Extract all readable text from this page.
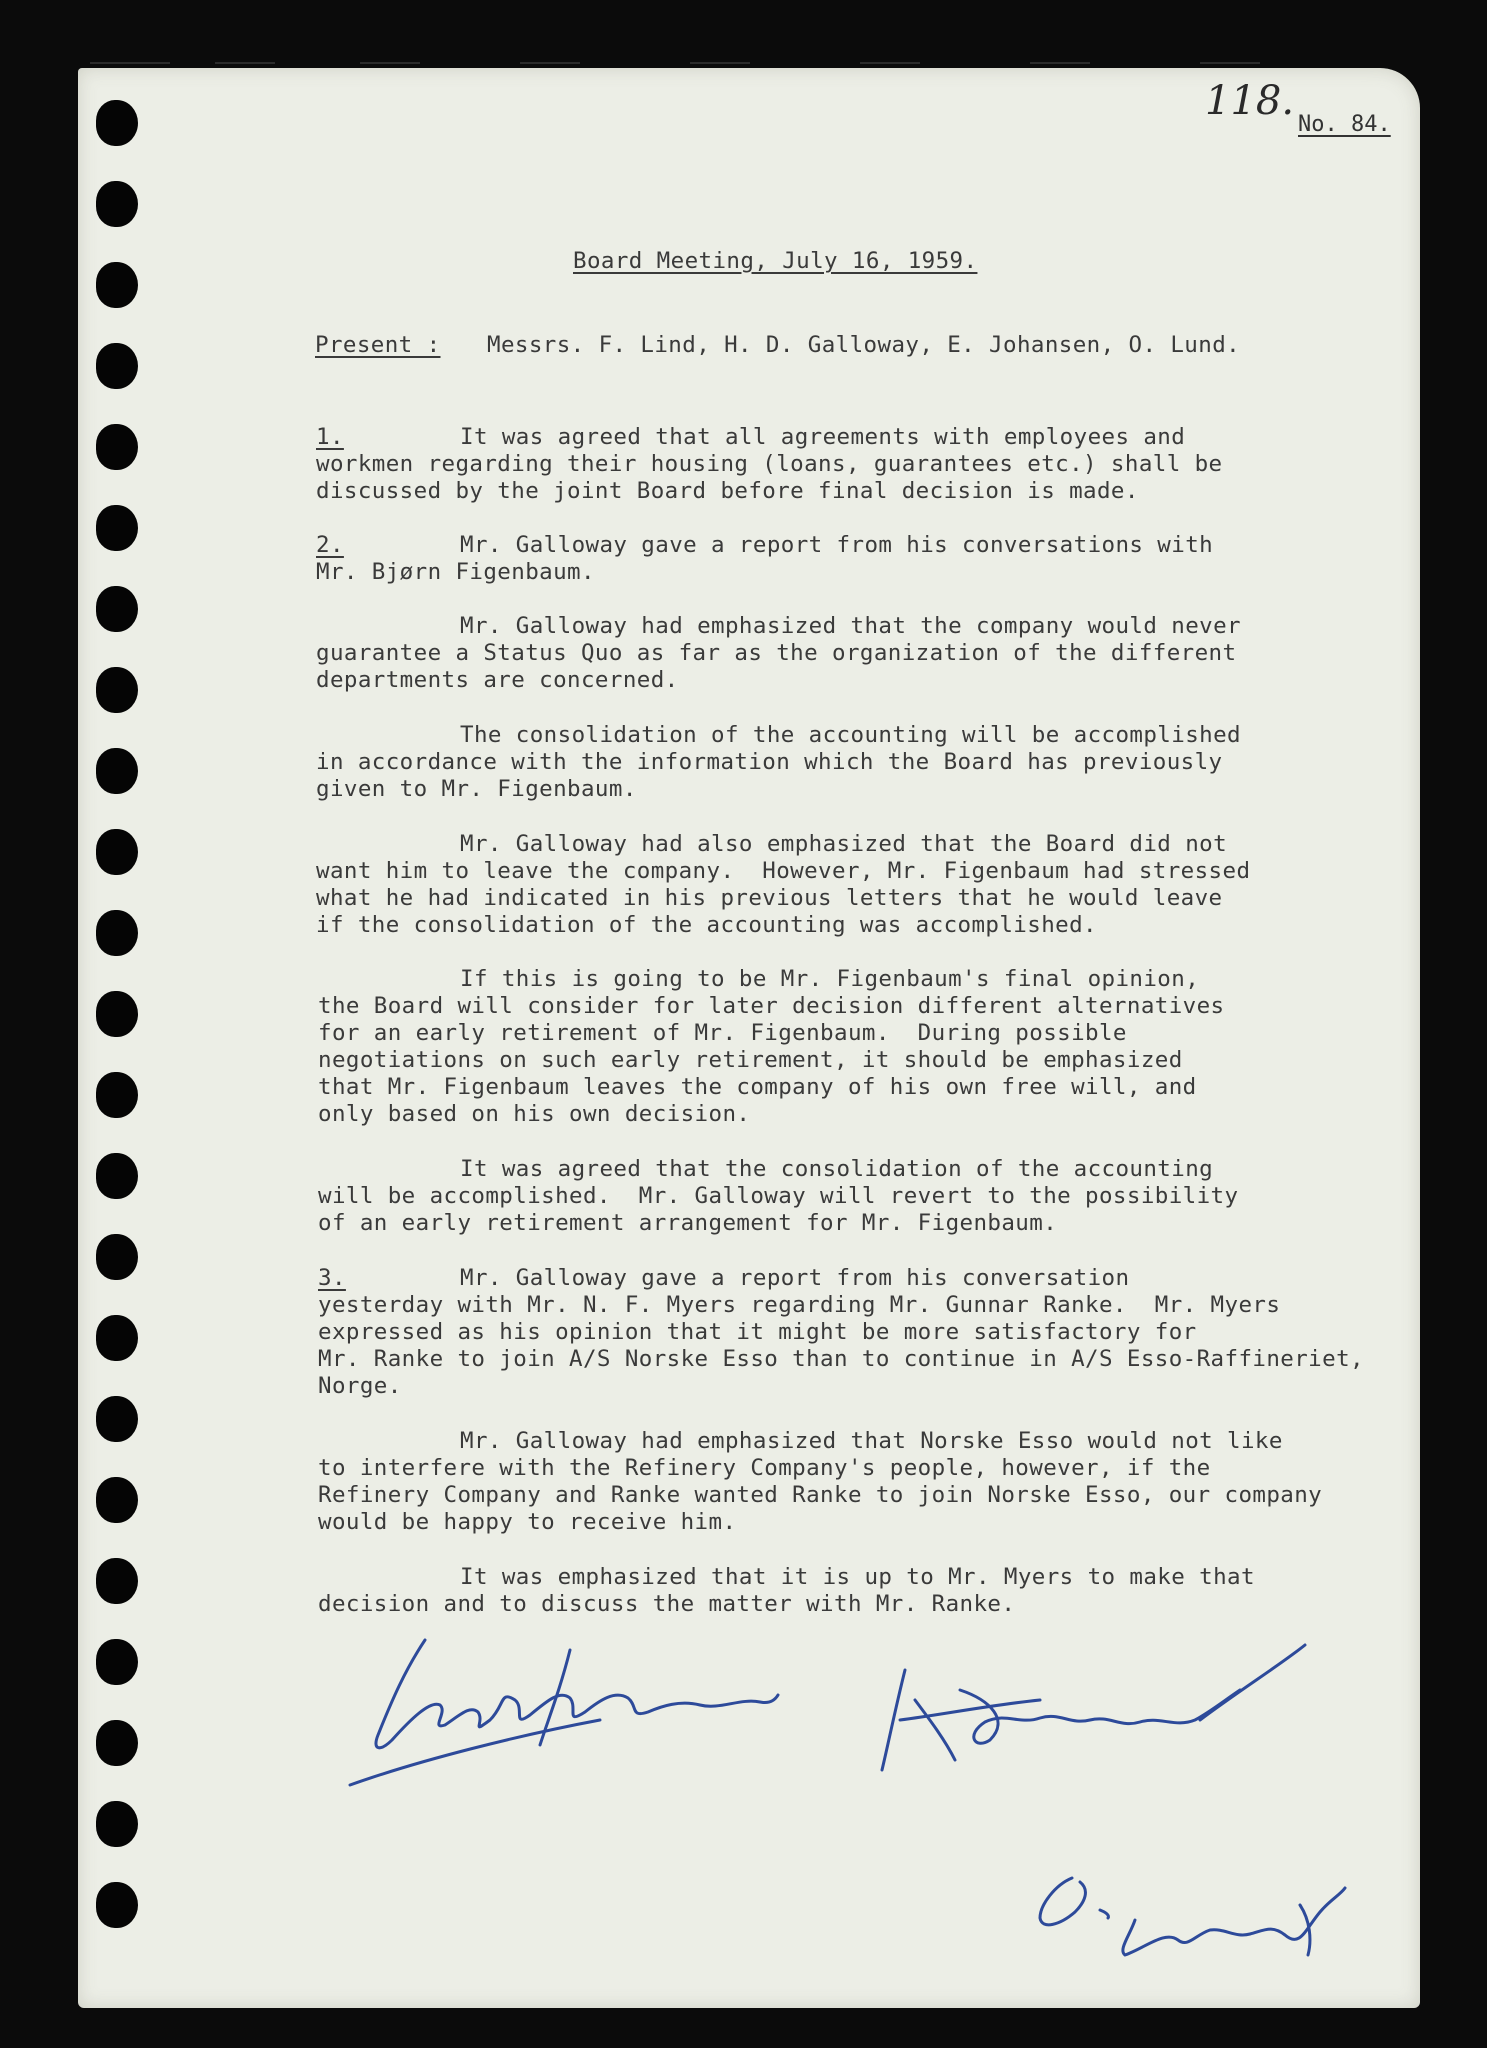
118.
No. 84.
Board Meeting, July 16, 1959.
Present : Messrs. F. Lind, H. D. Galloway, E. Johansen, O. Lund.
1.	It was agreed that all agreements with employees and
workmen regarding their housing (loans, guarantees etc.) shall be
discussed by the joint Board before final decision is made.
2.	Mr. Galloway gave a report from his conversations with
Mr. Bjørn Figenbaum.
Mr. Galloway had emphasized that the company would never
guarantee a Status Quo as far as the organization of the different
departments are concerned.
The consolidation of the accounting will be accomplished
in accordance with the information which the Board has previously
given to Mr. Figenbaum.
Mr. Galloway had also emphasized that the Board did not
want him to leave the company.  However, Mr. Figenbaum had stressed
what he had indicated in his previous letters that he would leave
if the consolidation of the accounting was accomplished.
If this is going to be Mr. Figenbaum's final opinion,
the Board will consider for later decision different alternatives
for an early retirement of Mr. Figenbaum.  During possible
negotiations on such early retirement, it should be emphasized
that Mr. Figenbaum leaves the company of his own free will, and
only based on his own decision.
It was agreed that the consolidation of the accounting
will be accomplished.  Mr. Galloway will revert to the possibility
of an early retirement arrangement for Mr. Figenbaum.
3.	Mr. Galloway gave a report from his conversation
yesterday with Mr. N. F. Myers regarding Mr. Gunnar Ranke.  Mr. Myers
expressed as his opinion that it might be more satisfactory for
Mr. Ranke to join A/S Norske Esso than to continue in A/S Esso-Raffineriet,
Norge.
Mr. Galloway had emphasized that Norske Esso would not like
to interfere with the Refinery Company's people, however, if the
Refinery Company and Ranke wanted Ranke to join Norske Esso, our company
would be happy to receive him.
It was emphasized that it is up to Mr. Myers to make that
decision and to discuss the matter with Mr. Ranke.
